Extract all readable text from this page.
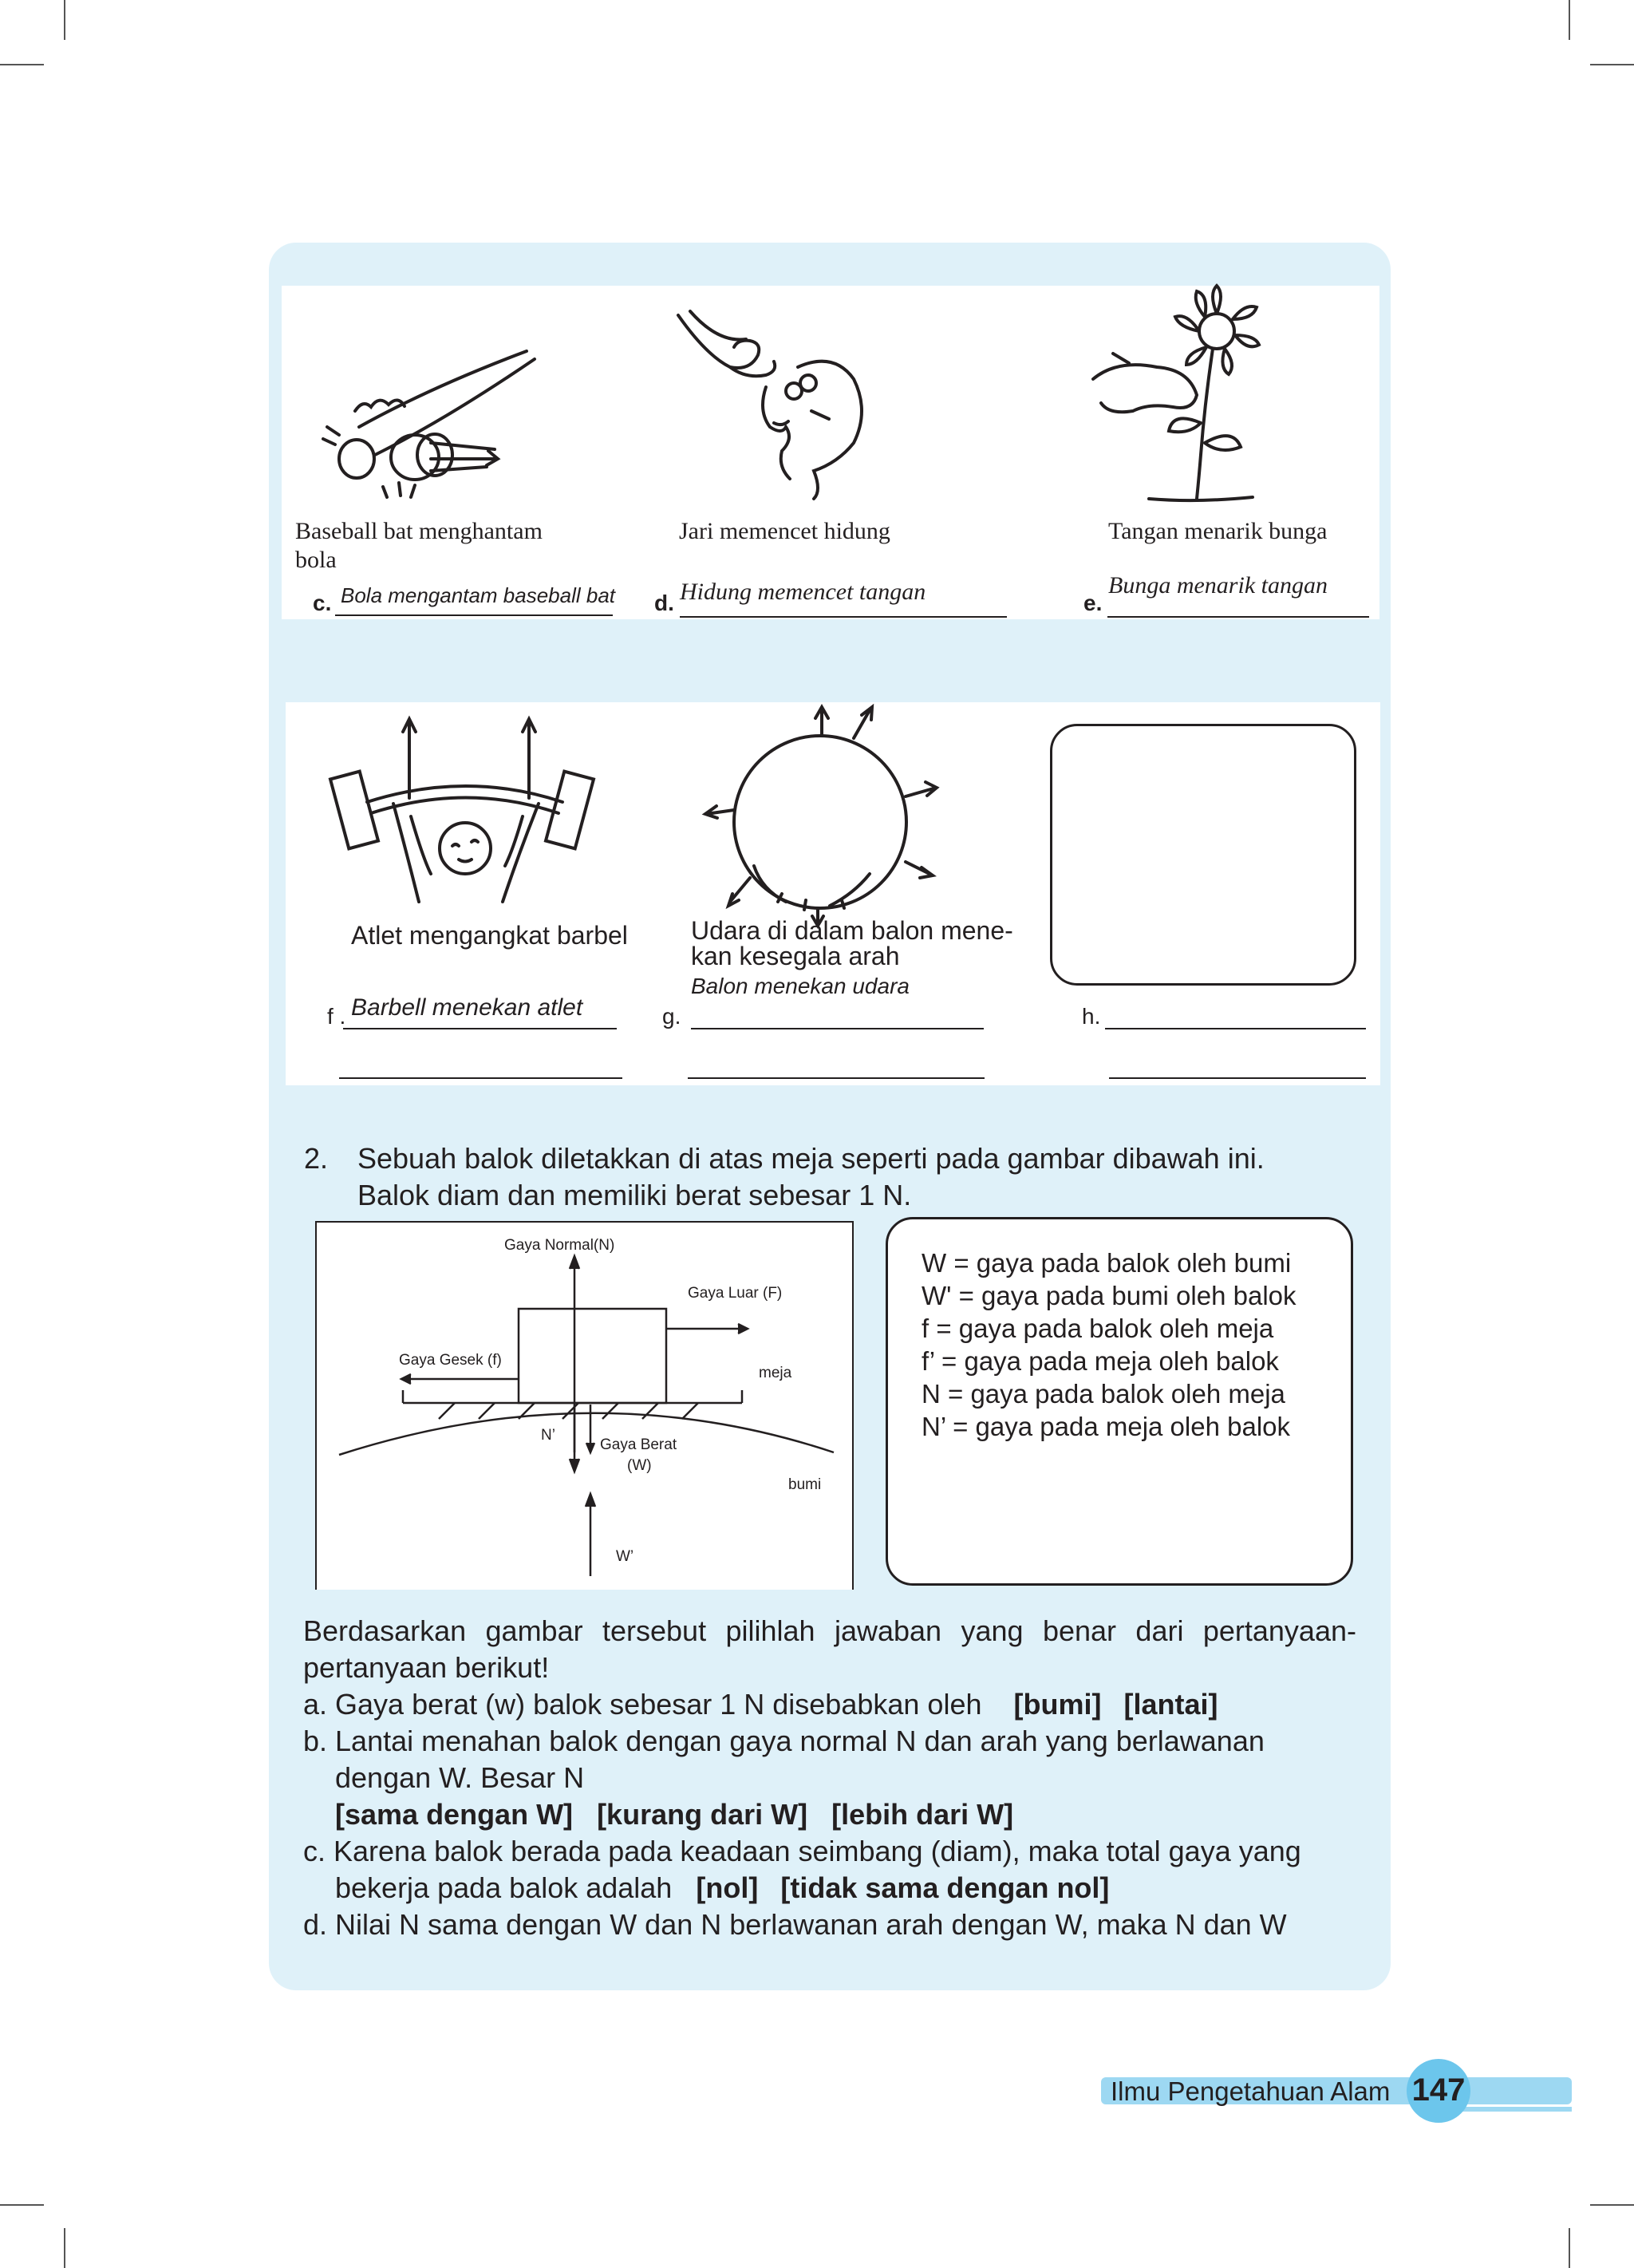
Baseball bat menghantam bola
Jari memencet hidung	Tangan menarik bunga
c. Bola mengantam baseball bat d. Hidung memencet tangan	e.
Bunga menarik tangan
Atlet mengangkat barbel Udara di dalam balon mene-
kan kesegala arah
f . Barbell menekan atlet	g.
Balon menekan udara
h.
2. Sebuah balok diletakkan di atas meja seperti pada gambar dibawah ini.
Balok diam dan memiliki berat sebesar 1 N.
Gaya Normal(N)
Gaya Luar (F)
Gaya Gesek (f)
meja
N’
Gaya Berat
(W)
bumi
W’
W = gaya pada balok oleh bumi
W' = gaya pada bumi oleh balok
f = gaya pada balok oleh meja
f’ = gaya pada meja oleh balok
N = gaya pada balok oleh meja
N’ = gaya pada meja oleh balok
Berdasarkan gambar tersebut pilihlah jawaban yang benar dari pertanyaan-
pertanyaan berikut!
a. Gaya berat (w) balok sebesar 1 N disebabkan oleh [bumi] [lantai]
b. Lantai menahan balok dengan gaya normal N dan arah yang berlawanan
dengan W. Besar N
[sama dengan W] [kurang dari W] [lebih dari W]
c. Karena balok berada pada keadaan seimbang (diam), maka total gaya yang
bekerja pada balok adalah [nol] [tidak sama dengan nol]
d. Nilai N sama dengan W dan N berlawanan arah dengan W, maka N dan W
Ilmu Pengetahuan Alam 147
